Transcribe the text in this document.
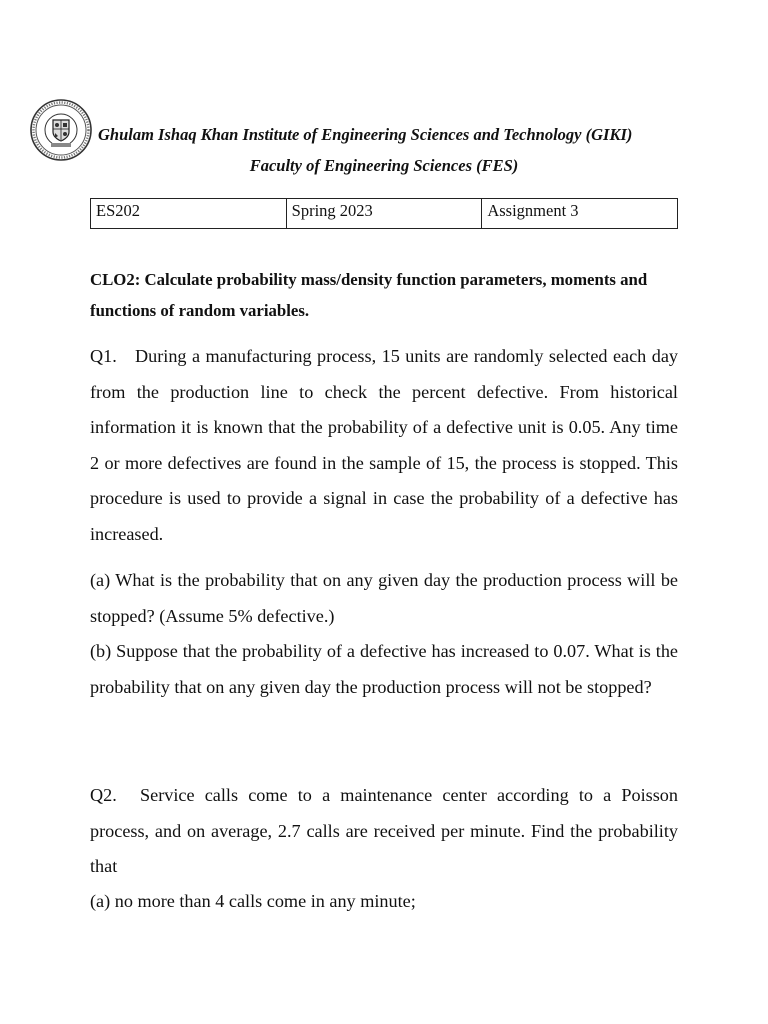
Ghulam Ishaq Khan Institute of Engineering Sciences and Technology (GIKI)
Faculty of Engineering Sciences (FES)
ES202	Spring 2023	Assignment 3
CLO2: Calculate probability mass/density function parameters, moments and functions of random variables.
Q1. During a manufacturing process, 15 units are randomly selected each day from the production line to check the percent defective. From historical information it is known that the probability of a defective unit is 0.05. Any time 2 or more defectives are found in the sample of 15, the process is stopped. This procedure is used to provide a signal in case the probability of a defective has increased.
(a) What is the probability that on any given day the production process will be stopped? (Assume 5% defective.)
(b) Suppose that the probability of a defective has increased to 0.07. What is the probability that on any given day the production process will not be stopped?
Q2. Service calls come to a maintenance center according to a Poisson process, and on average, 2.7 calls are received per minute. Find the probability that
(a) no more than 4 calls come in any minute;
